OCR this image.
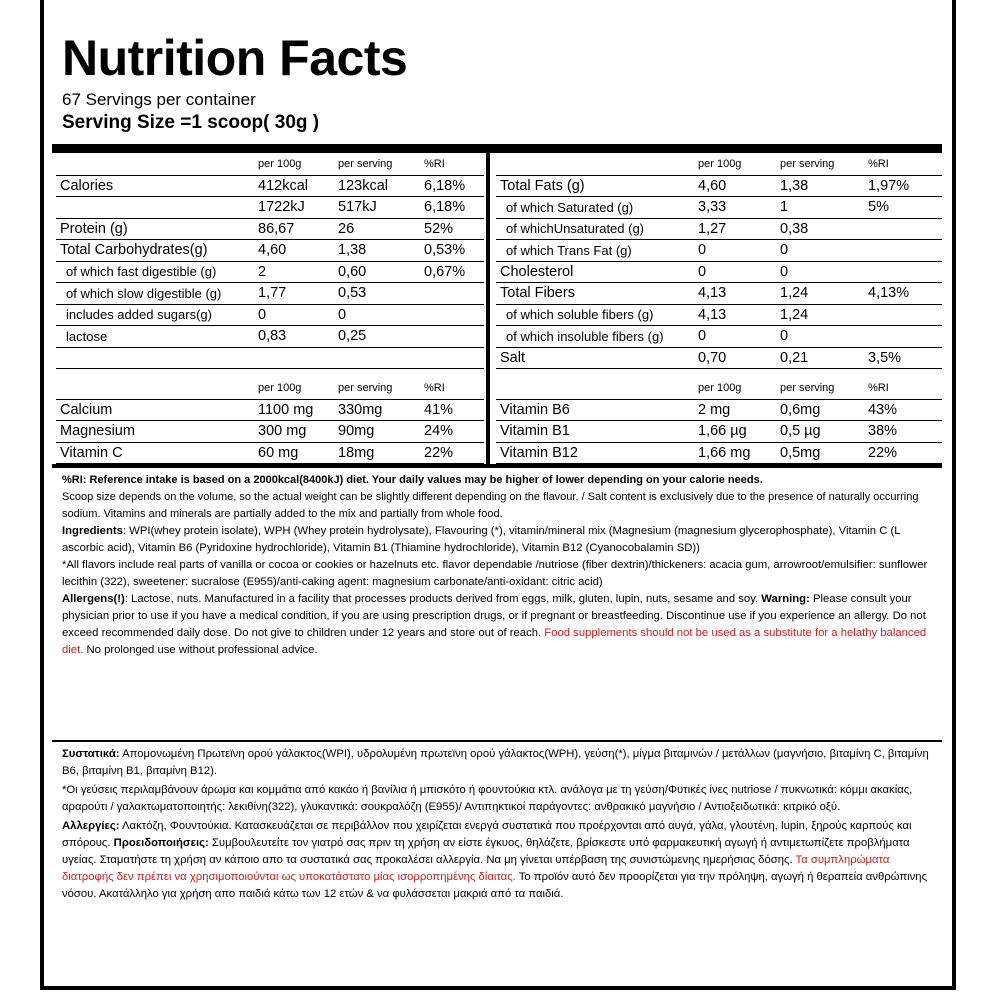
Nutrition Facts
67 Servings per container
Serving Size =1 scoop( 30g )
	per 100g	per serving	%RI
Calories	412kcal	123kcal	6,18%
	1722kJ	517kJ	6,18%
Protein (g)	86,67	26	52%
Total Carbohydrates(g)	4,60	1,38	0,53%
of which fast digestible (g)	2	0,60	0,67%
of which slow digestible (g)	1,77	0,53	
includes added sugars(g)	0	0	
lactose	0,83	0,25	

	per 100g	per serving	%RI
Total Fats (g)	4,60	1,38	1,97%
of which Saturated (g)	3,33	1	5%
of whichUnsaturated (g)	1,27	0,38	
of which Trans Fat (g)	0	0	
Cholesterol	0	0	
Total Fibers	4,13	1,24	4,13%
of which soluble fibers (g)	4,13	1,24	
of which insoluble fibers (g)	0	0	
Salt	0,70	0,21	3,5%
	per 100g	per serving	%RI
Calcium	1100 mg	330mg	41%
Magnesium	300 mg	90mg	24%
Vitamin C	60 mg	18mg	22%
	per 100g	per serving	%RI
Vitamin B6	2 mg	0,6mg	43%
Vitamin B1	1,66 µg	0,5 µg	38%
Vitamin B12	1,66 mg	0,5mg	22%

%RI: Reference intake is based on a 2000kcal(8400kJ) diet. Your daily values may be higher of lower depending on your calorie needs.

Scoop size depends on the volume, so the actual weight can be slightly different depending on the flavour. / Salt content is exclusively due to the presence of naturally occurring sodium. Vitamins and minerals are partially added to the mix and partially from whole food.

Ingredients: WPI(whey protein isolate), WPH (Whey protein hydrolysate), Flavouring (*), vitamin/mineral mix (Magnesium (magnesium glycerophosphate), Vitamin C (L ascorbic acid), Vitamin B6 (Pyridoxine hydrochloride), Vitamin B1 (Thiamine hydrochloride), Vitamin B12 (Cyanocobalamin SD))

*All flavors include real parts of vanilla or cocoa or cookies or hazelnuts etc. flavor dependable /nutriose (fiber dextrin)/thickeners: acacia gum, arrowroot/emulsifier: sunflower lecithin (322), sweetener: sucralose (E955)/anti-caking agent: magnesium carbonate/anti-oxidant: citric acid)

Allergens(!): Lactose, nuts. Manufactured in a facility that processes products derived from eggs, milk, gluten, lupin, nuts, sesame and soy. Warning: Please consult your physician prior to use if you have a medical condition, if you are using prescription drugs, or if pregnant or breastfeeding. Discontinue use if you experience an allergy. Do not exceed recommended daily dose. Do not give to children under 12 years and store out of reach. Food supplements should not be used as a substitute for a helathy balanced diet. No prolonged use without professional advice.

Συστατικά: Απομονωμένη Πρωτεϊνη ορού γάλακτος(WPI), υδρολυμένη πρωτεϊνη ορού γάλακτος(WPH), γεύση(*), μίγμα βιταμινών / μετάλλων (μαγνήσιο, βιταμίνη C, βιταμίνη Β6, βιταμίνη Β1, βιταμίνη Β12).

*Οι γεύσεις περιλαμβάνουν άρωμα και κομμάτια από κακάο ή βανίλια ή μπισκότο ή φουντούκια κτλ. ανάλογα με τη γεύση/Φυτικές ίνες nutriose / πυκνωτικά: κόμμι ακακίας, αραρούτι / γαλακτωματοποιητής: λεκιθίνη(322), γλυκαντικά: σουκραλόζη (Ε955)/ Αντιπηκτικοί παράγοντες: ανθρακικό μαγνήσιο / Αντιοξειδωτικά: κιτρικό οξύ.

Αλλεργίες: Λακτόζη, Φουντούκια. Κατασκευάζεται σε περιβάλλον που χειρίζεται ενεργά συστατικά που προέρχονται από αυγά, γάλα, γλουτένη, lupin, ξηρούς καρπούς και σπόρους. Προειδοποιήσεις: Συμβουλευτείτε τον γιατρό σας πριν τη χρήση αν είστε έγκυος, θηλάζετε, βρίσκεστε υπό φαρμακευτική αγωγή ή αντιμετωπίζετε προβλήματα υγείας. Σταματήστε τη χρήση αν κάποιο απο τα συστατικά σας προκαλέσει αλλεργία. Να μη γίνεται υπέρβαση της συνιστώμενης ημερήσιας δόσης. Τα συμπληρώματα διατροφής δεν πρέπει να χρησιμοποιούνται ως υποκατάστατο μίας ισορροπημένης δίαιτας. Το προϊόν αυτό δεν προορίζεται για την πρόληψη, αγωγή ή θεραπεία ανθρώπινης νόσου. Ακατάλληλο για χρήση απο παιδιά κάτω των 12 ετών & να φυλάσσεται μακριά από τα παιδιά.
